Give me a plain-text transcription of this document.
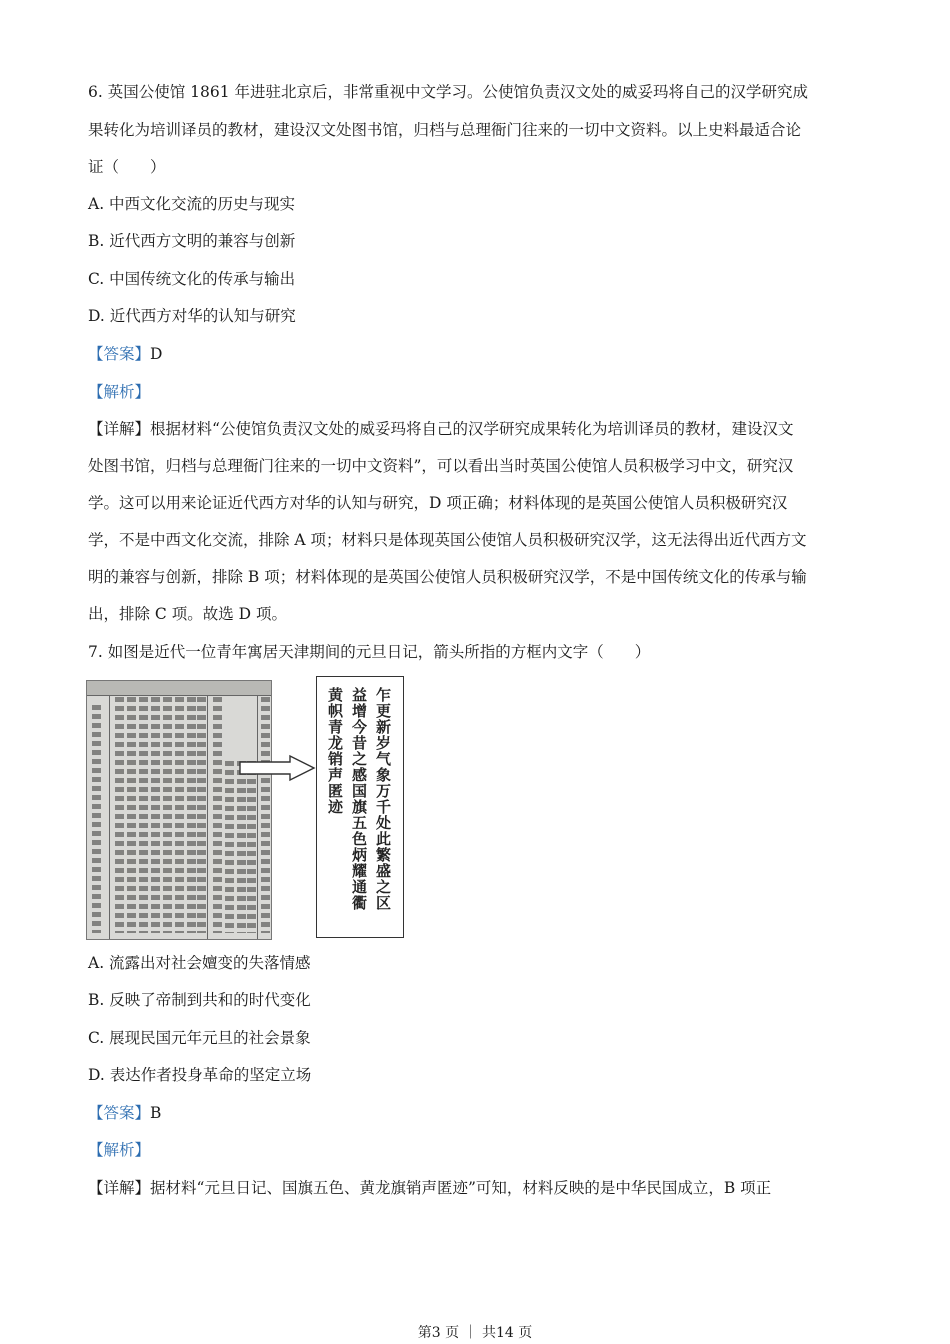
6. 英国公使馆 1861 年进驻北京后，非常重视中文学习。公使馆负责汉文处的威妥玛将自己的汉学研究成
果转化为培训译员的教材，建设汉文处图书馆，归档与总理衙门往来的一切中文资料。以上史料最适合论
证（　　）
A. 中西文化交流的历史与现实
B. 近代西方文明的兼容与创新
C. 中国传统文化的传承与输出
D. 近代西方对华的认知与研究
【答案】D
【解析】
【详解】根据材料“公使馆负责汉文处的威妥玛将自己的汉学研究成果转化为培训译员的教材，建设汉文
处图书馆，归档与总理衙门往来的一切中文资料”，可以看出当时英国公使馆人员积极学习中文，研究汉
学。这可以用来论证近代西方对华的认知与研究，D 项正确；材料体现的是英国公使馆人员积极研究汉
学，不是中西文化交流，排除 A 项；材料只是体现英国公使馆人员积极研究汉学，这无法得出近代西方文
明的兼容与创新，排除 B 项；材料体现的是英国公使馆人员积极研究汉学，不是中国传统文化的传承与输
出，排除 C 项。故选 D 项。
7. 如图是近代一位青年寓居天津期间的元旦日记，箭头所指的方框内文字（　　）
乍更新岁气象万千处此繁盛之区
益增今昔之感国旗五色炳耀通衢
黄帜青龙销声匿迹
A. 流露出对社会嬗变的失落情感
B. 反映了帝制到共和的时代变化
C. 展现民国元年元旦的社会景象
D. 表达作者投身革命的坚定立场
【答案】B
【解析】
【详解】据材料“元旦日记、国旗五色、黄龙旗销声匿迹”可知，材料反映的是中华民国成立，B 项正
第3 页 ｜ 共14 页
